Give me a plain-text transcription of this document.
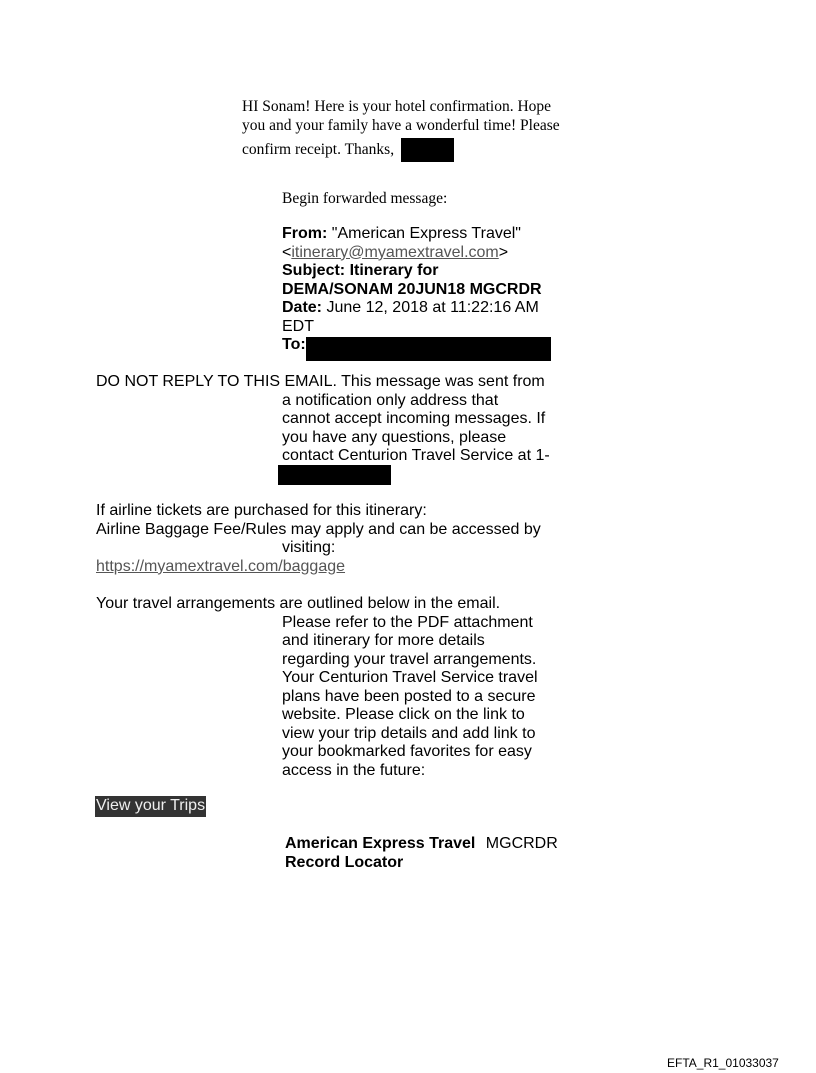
HI Sonam! Here is your hotel confirmation. Hope
you and your family have a wonderful time! Please
confirm receipt. Thanks,
Begin forwarded message:
From: "American Express Travel"
<itinerary@myamextravel.com>
Subject: Itinerary for
DEMA/SONAM 20JUN18 MGCRDR
Date: June 12, 2018 at 11:22:16 AM
EDT
To:
DO NOT REPLY TO THIS EMAIL. This message was sent from
a notification only address that
cannot accept incoming messages. If
you have any questions, please
contact Centurion Travel Service at 1-
If airline tickets are purchased for this itinerary:
Airline Baggage Fee/Rules may apply and can be accessed by
visiting:
https://myamextravel.com/baggage
Your travel arrangements are outlined below in the email.
Please refer to the PDF attachment
and itinerary for more details
regarding your travel arrangements.
Your Centurion Travel Service travel
plans have been posted to a secure
website. Please click on the link to
view your trip details and add link to
your bookmarked favorites for easy
access in the future:
View your Trips
American Express Travel MGCRDR
Record Locator
EFTA_R1_01033037
